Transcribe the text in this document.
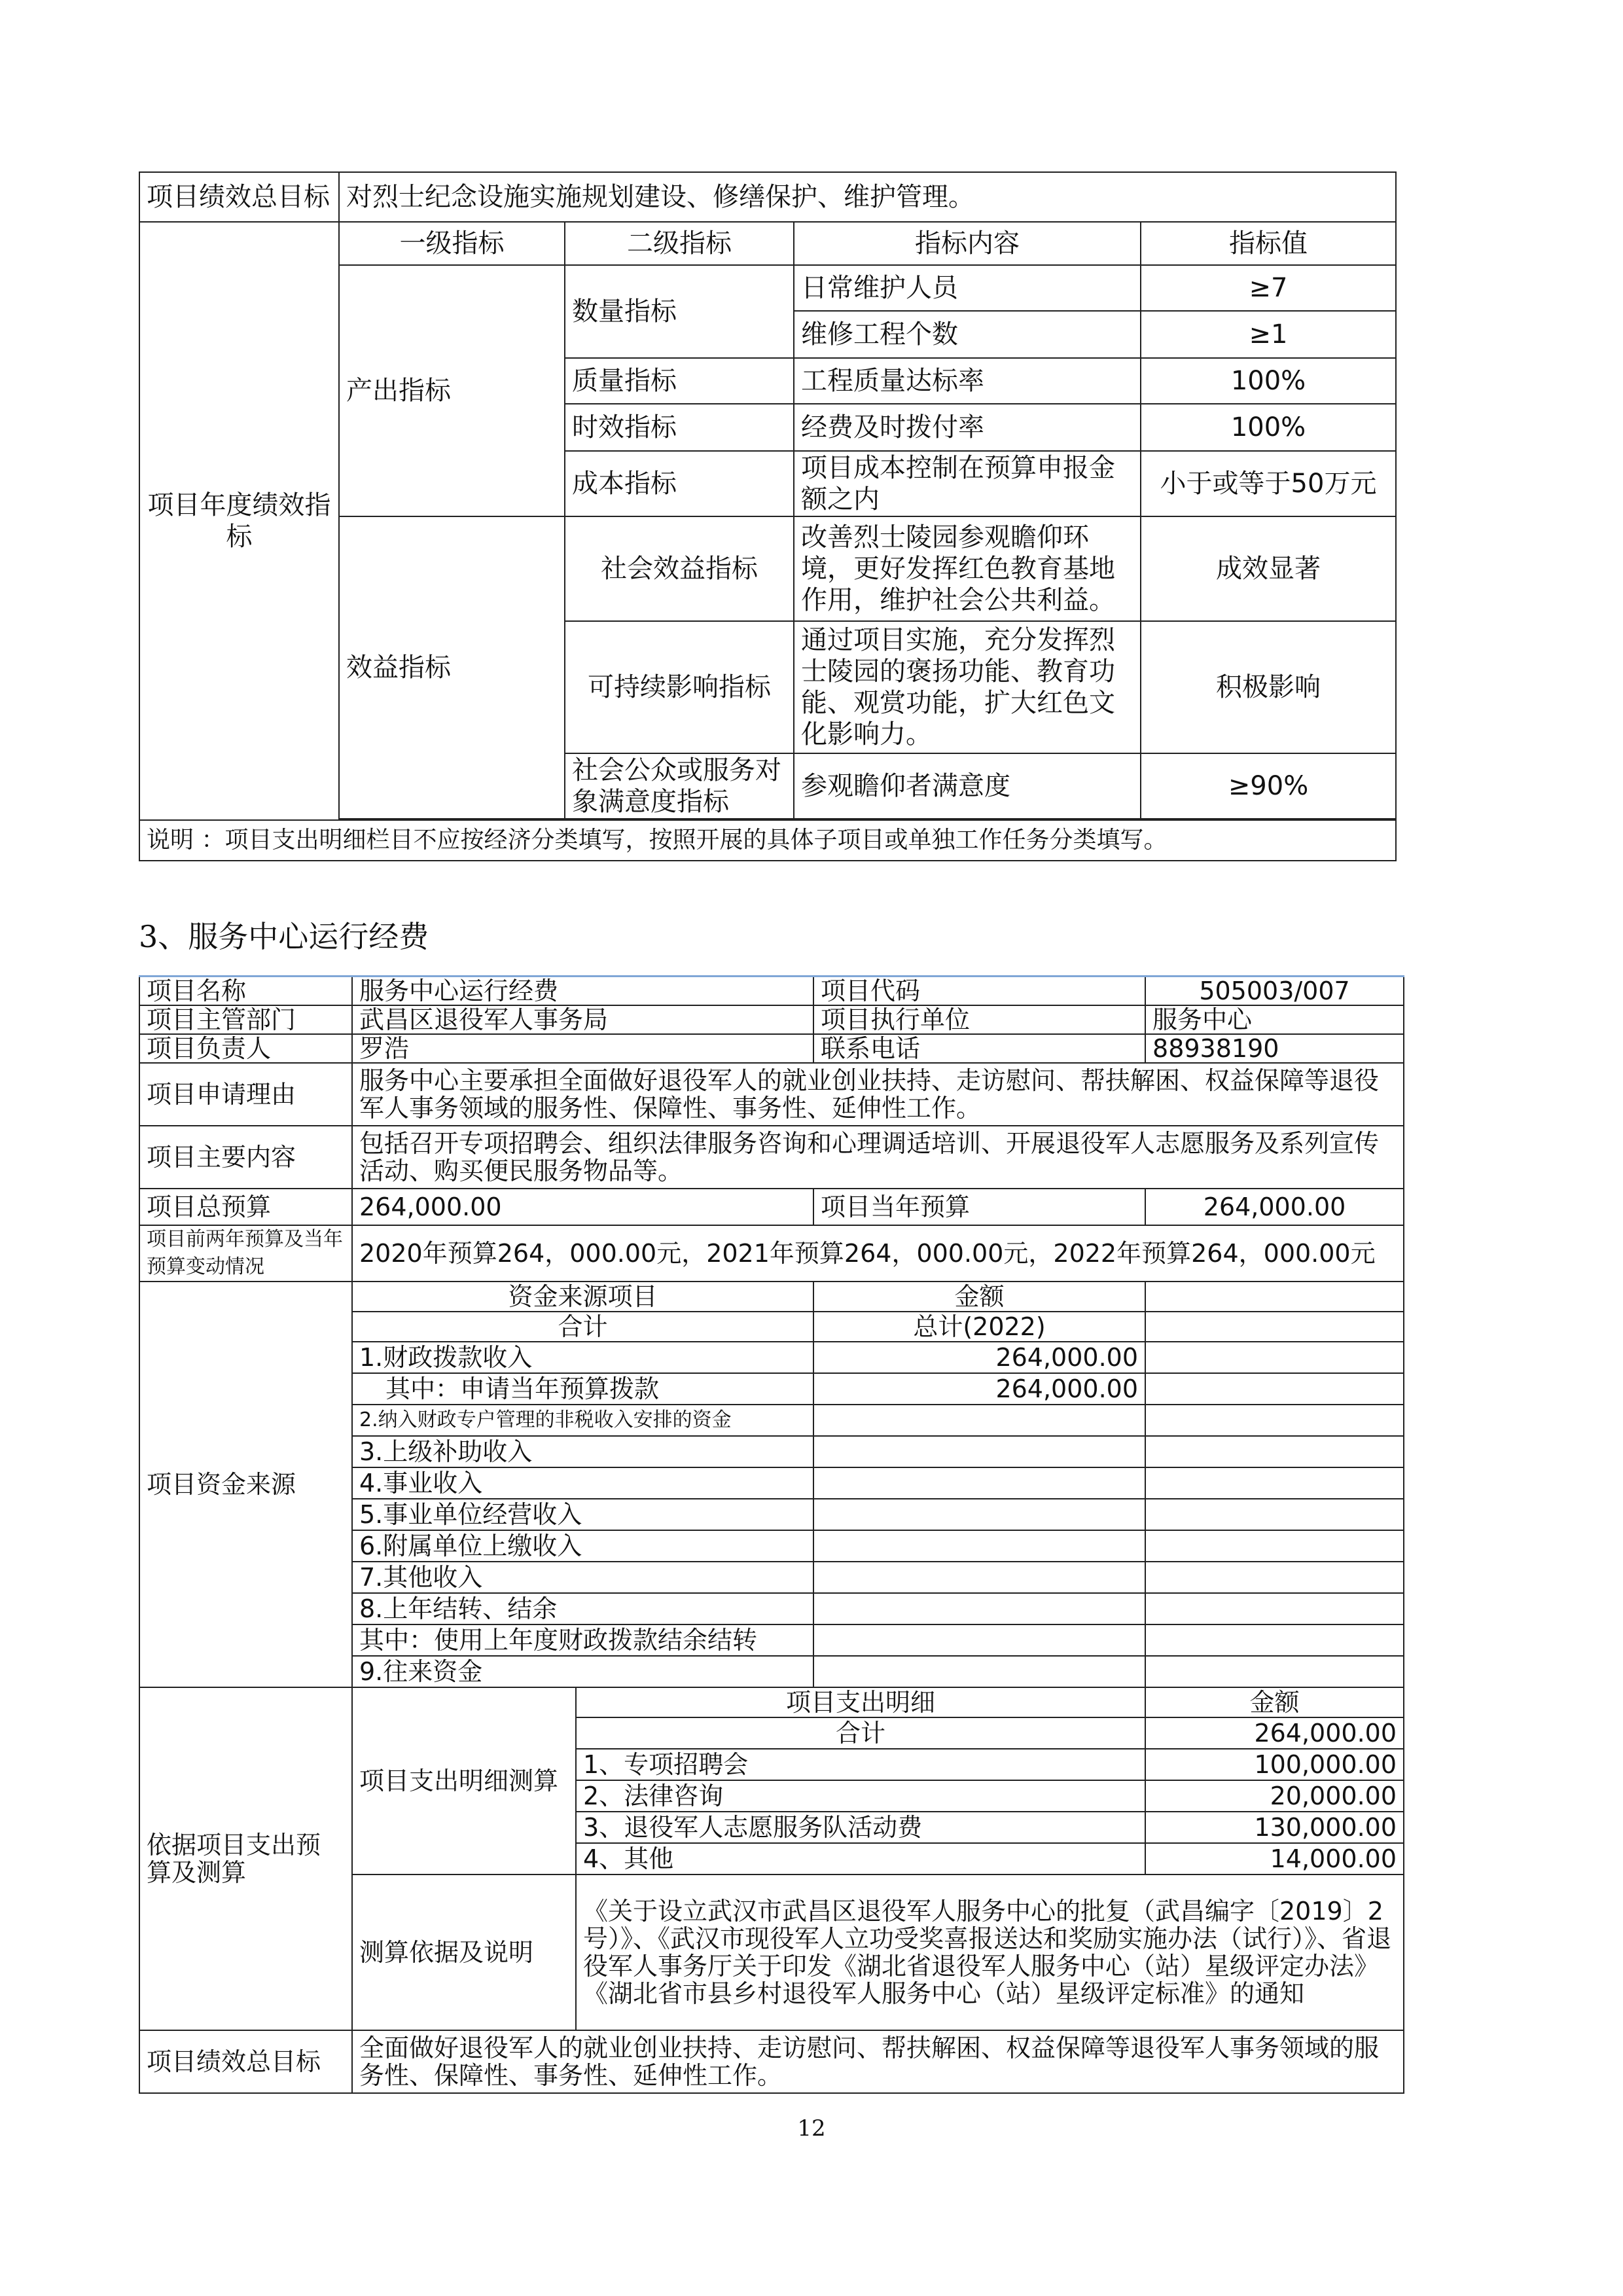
项目绩效总目标	对烈士纪念设施实施规划建设、修缮保护、维护管理。			
项目年度绩效指标	一级指标	二级指标	指标内容	指标值
	产出指标	数量指标	日常维护人员	≥7
			维修工程个数	≥1
		质量指标	工程质量达标率	100%
		时效指标	经费及时拨付率	100%
		成本指标	项目成本控制在预算申报金额之内	小于或等于50万元
	效益指标	社会效益指标	改善烈士陵园参观瞻仰环境，更好发挥红色教育基地作用，维护社会公共利益。	成效显著
		可持续影响指标	通过项目实施，充分发挥烈士陵园的褒扬功能、教育功能、观赏功能，扩大红色文化影响力。	积极影响
		社会公众或服务对象满意度指标	参观瞻仰者满意度	≥90%

说明 ：项目支出明细栏目不应按经济分类填写，按照开展的具体子项目或单独工作任务分类填写。				
3、服务中心运行经费
项目名称	服务中心运行经费		项目代码	505003/007
项目主管部门	武昌区退役军人事务局		项目执行单位	服务中心
项目负责人	罗浩		联系电话	88938190
项目申请理由	服务中心主要承担全面做好退役军人的就业创业扶持、走访慰问、帮扶解困、权益保障等退役军人事务领域的服务性、保障性、事务性、延伸性工作。			
项目主要内容	包括召开专项招聘会、组织法律服务咨询和心理调适培训、开展退役军人志愿服务及系列宣传活动、购买便民服务物品等。			
项目总预算	264,000.00		项目当年预算	264,000.00
项目前两年预算及当年预算变动情况	2020年预算264，000.00元，2021年预算264，000.00元，2022年预算264，000.00元			
项目资金来源	资金来源项目		金额	
	合计		总计(2022)	
	1.财政拨款收入		264,000.00	
	其中：申请当年预算拨款		264,000.00	
	2.纳入财政专户管理的非税收入安排的资金			
	3.上级补助收入			
	4.事业收入			
	5.事业单位经营收入			
	6.附属单位上缴收入			
	7.其他收入			
	8.上年结转、结余			
	其中：使用上年度财政拨款结余结转			
	9.往来资金			
依据项目支出预算及测算	项目支出明细测算	项目支出明细		金额
		合计		264,000.00
		1、专项招聘会		100,000.00
		2、法律咨询		20,000.00
		3、退役军人志愿服务队活动费		130,000.00
		4、其他		14,000.00
	测算依据及说明	《关于设立武汉市武昌区退役军人服务中心的批复（武昌编字〔2019〕2号）》、《武汉市现役军人立功受奖喜报送达和奖励实施办法（试行）》、省退役军人事务厅关于印发《湖北省退役军人服务中心（站）星级评定办法》《湖北省市县乡村退役军人服务中心（站）星级评定标准》的通知		
项目绩效总目标	全面做好退役军人的就业创业扶持、走访慰问、帮扶解困、权益保障等退役军人事务领域的服务性、保障性、事务性、延伸性工作。			
12
